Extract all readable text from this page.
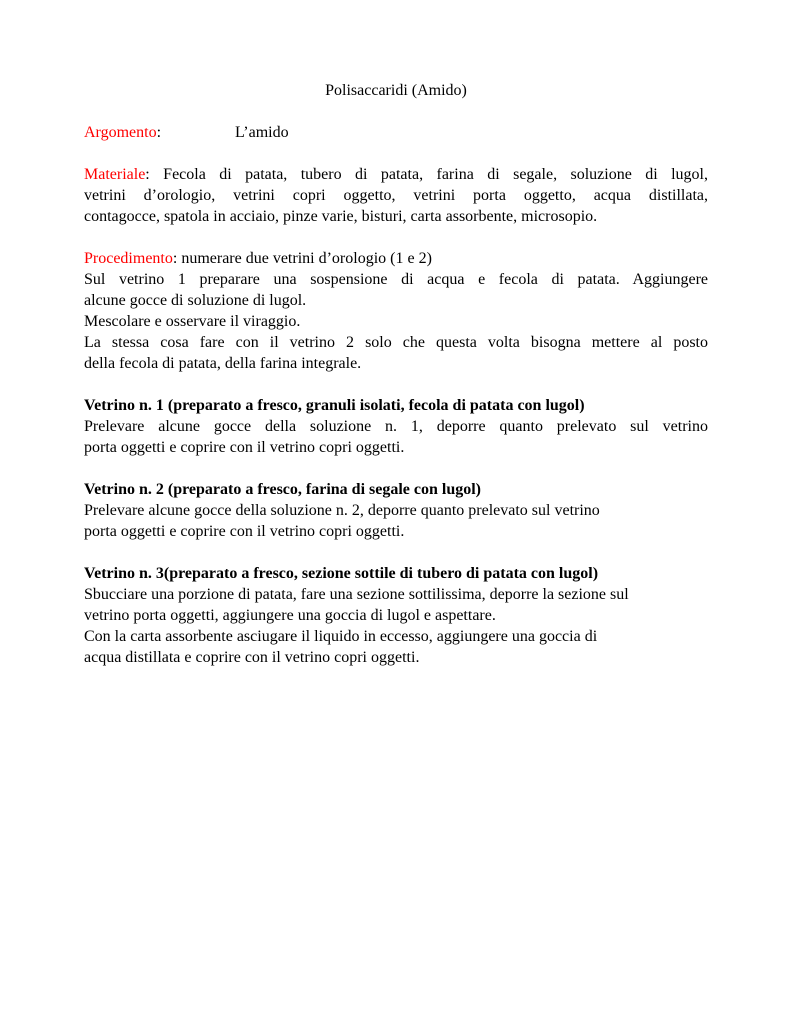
Polisaccaridi (Amido)
Argomento:	L’amido
Materiale: Fecola di patata, tubero di patata, farina di segale, soluzione di lugol,
vetrini d’orologio, vetrini copri oggetto, vetrini porta oggetto, acqua distillata,
contagocce, spatola in acciaio, pinze varie, bisturi, carta assorbente, microsopio.
Procedimento: numerare due vetrini d’orologio (1 e 2)
Sul vetrino 1 preparare una sospensione di acqua e fecola di patata. Aggiungere
alcune gocce di soluzione di lugol.
Mescolare e osservare il viraggio.
La stessa cosa fare con il vetrino 2 solo che questa volta bisogna mettere al posto
della fecola di patata, della farina integrale.
Vetrino n. 1 (preparato a fresco, granuli isolati, fecola di patata con lugol)
Prelevare alcune gocce della soluzione n. 1, deporre quanto prelevato sul vetrino
porta oggetti e coprire con il vetrino copri oggetti.
Vetrino n. 2 (preparato a fresco, farina di segale con lugol)
Prelevare alcune gocce della soluzione n. 2, deporre quanto prelevato sul vetrino
porta oggetti e coprire con il vetrino copri oggetti.
Vetrino n. 3(preparato a fresco, sezione sottile di tubero di patata con lugol)
Sbucciare una porzione di patata, fare una sezione sottilissima, deporre la sezione sul
vetrino porta oggetti, aggiungere una goccia di lugol e aspettare.
Con la carta assorbente asciugare il liquido in eccesso, aggiungere una goccia di
acqua distillata e coprire con il vetrino copri oggetti.
